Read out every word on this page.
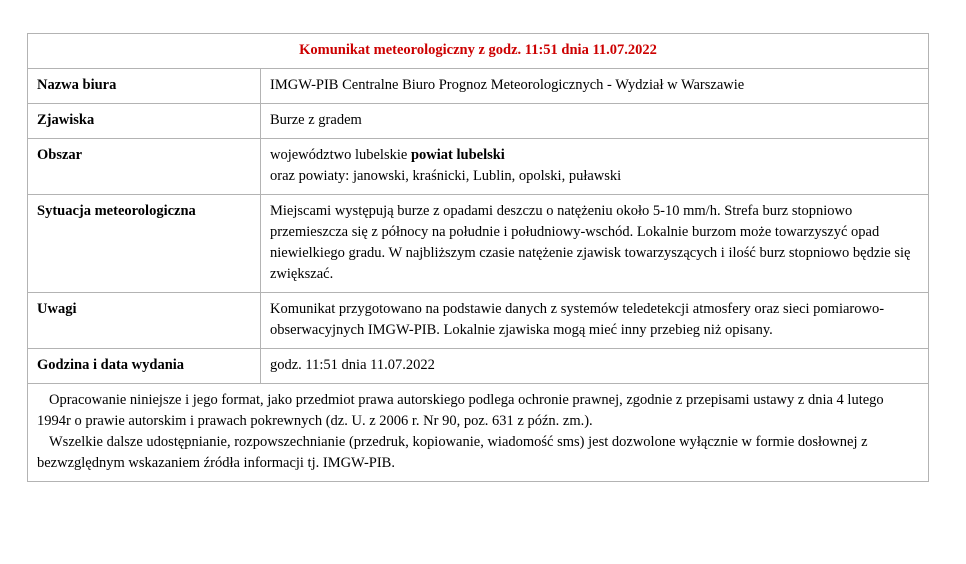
Komunikat meteorologiczny z godz. 11:51 dnia 11.07.2022	
Nazwa biura	IMGW-PIB Centralne Biuro Prognoz Meteorologicznych - Wydział w Warszawie
Zjawiska	Burze z gradem
Obszar	województwo lubelskie powiat lubelski
oraz powiaty: janowski, kraśnicki, Lublin, opolski, puławski

Sytuacja meteorologiczna	Miejscami występują burze z opadami deszczu o natężeniu około 5-10 mm/h. Strefa burz stopniowo przemieszcza się z północy na południe i południowy-wschód. Lokalnie burzom może towarzyszyć opad niewielkiego gradu. W najbliższym czasie natężenie zjawisk towarzyszących i ilość burz stopniowo będzie się zwiększać.
Uwagi	Komunikat przygotowano na podstawie danych z systemów teledetekcji atmosfery oraz sieci pomiarowo-obserwacyjnych IMGW-PIB. Lokalnie zjawiska mogą mieć inny przebieg niż opisany.
Godzina i data wydania	godz. 11:51 dnia 11.07.2022

Opracowanie niniejsze i jego format, jako przedmiot prawa autorskiego podlega ochronie prawnej, zgodnie z przepisami ustawy z dnia 4 lutego 1994r o prawie autorskim i prawach pokrewnych (dz. U. z 2006 r. Nr 90, poz. 631 z późn. zm.).

Wszelkie dalsze udostępnianie, rozpowszechnianie (przedruk, kopiowanie, wiadomość sms) jest dozwolone wyłącznie w formie dosłownej z bezwzględnym wskazaniem źródła informacji tj. IMGW-PIB.	
